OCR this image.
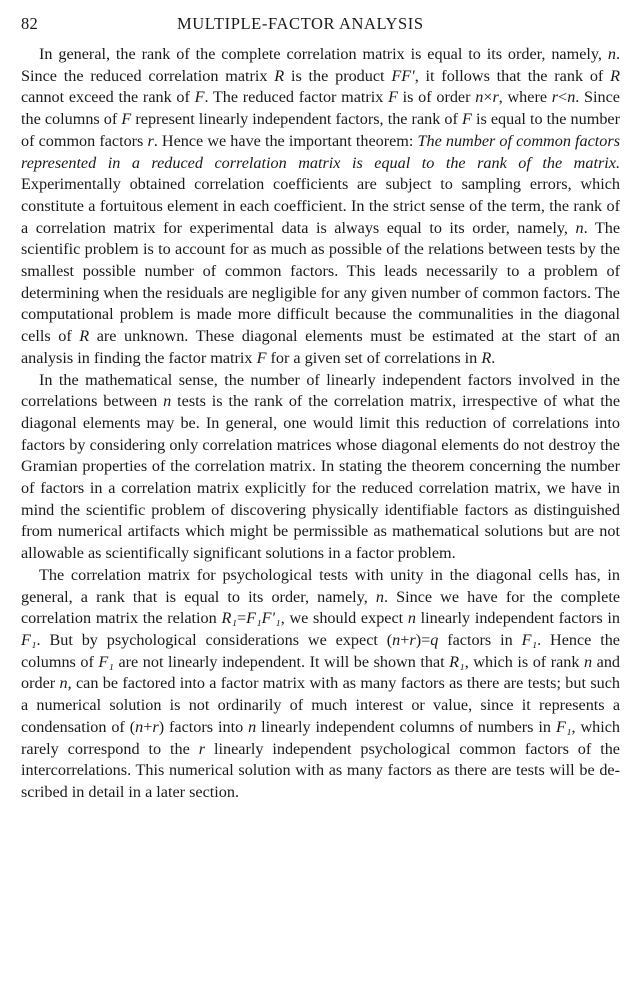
82	MULTIPLE-FACTOR ANALYSIS

In general, the rank of the complete correlation matrix is equal to its order, namely, n. Since the reduced correlation matrix R is the product FF′, it follows that the rank of R cannot exceed the rank of F. The reduced factor matrix F is of order n×r, where r<n. Since the columns of F represent linearly independent factors, the rank of F is equal to the number of common factors r. Hence we have the important theorem: The number of common factors represented in a reduced correlation matrix is equal to the rank of the matrix. Experimentally obtained correlation coefficients are subject to sampling errors, which constitute a fortuitous element in each coefficient. In the strict sense of the term, the rank of a correlation matrix for experimental data is always equal to its order, namely, n. The scientific problem is to account for as much as possible of the relations between tests by the smallest possible number of common factors. This leads necessarily to a problem of determining when the residuals are negligible for any given number of common factors. The computational problem is made more difficult because the communalities in the diagonal cells of R are unknown. These diagonal elements must be estimated at the start of an analysis in finding the factor matrix F for a given set of correlations in R.

In the mathematical sense, the number of linearly independent factors involved in the correlations between n tests is the rank of the correlation matrix, irrespective of what the diagonal elements may be. In general, one would limit this reduction of correlations into factors by considering only correlation matrices whose diagonal elements do not destroy the Gramian properties of the correlation matrix. In stating the theorem concerning the number of factors in a correlation matrix explicitly for the reduced correlation matrix, we have in mind the scientific problem of discovering physically identifiable factors as distinguished from numerical artifacts which might be permissible as mathematical solutions but are not allowable as scientifically significant solutions in a factor problem.

The correlation matrix for psychological tests with unity in the diagonal cells has, in general, a rank that is equal to its order, namely, n. Since we have for the complete correlation matrix the relation R₁=F₁F′₁, we should expect n linearly independent factors in F₁. But by psychological considerations we expect (n+r)=q factors in F₁. Hence the columns of F₁ are not linearly independent. It will be shown that R₁, which is of rank n and order n, can be factored into a factor matrix with as many factors as there are tests; but such a numerical solution is not ordinarily of much interest or value, since it represents a condensation of (n+r) factors into n linearly independent columns of numbers in F₁, which rarely correspond to the r linearly independent psychological common factors of the intercorrelations. This numerical solution with as many factors as there are tests will be described in detail in a later section.
